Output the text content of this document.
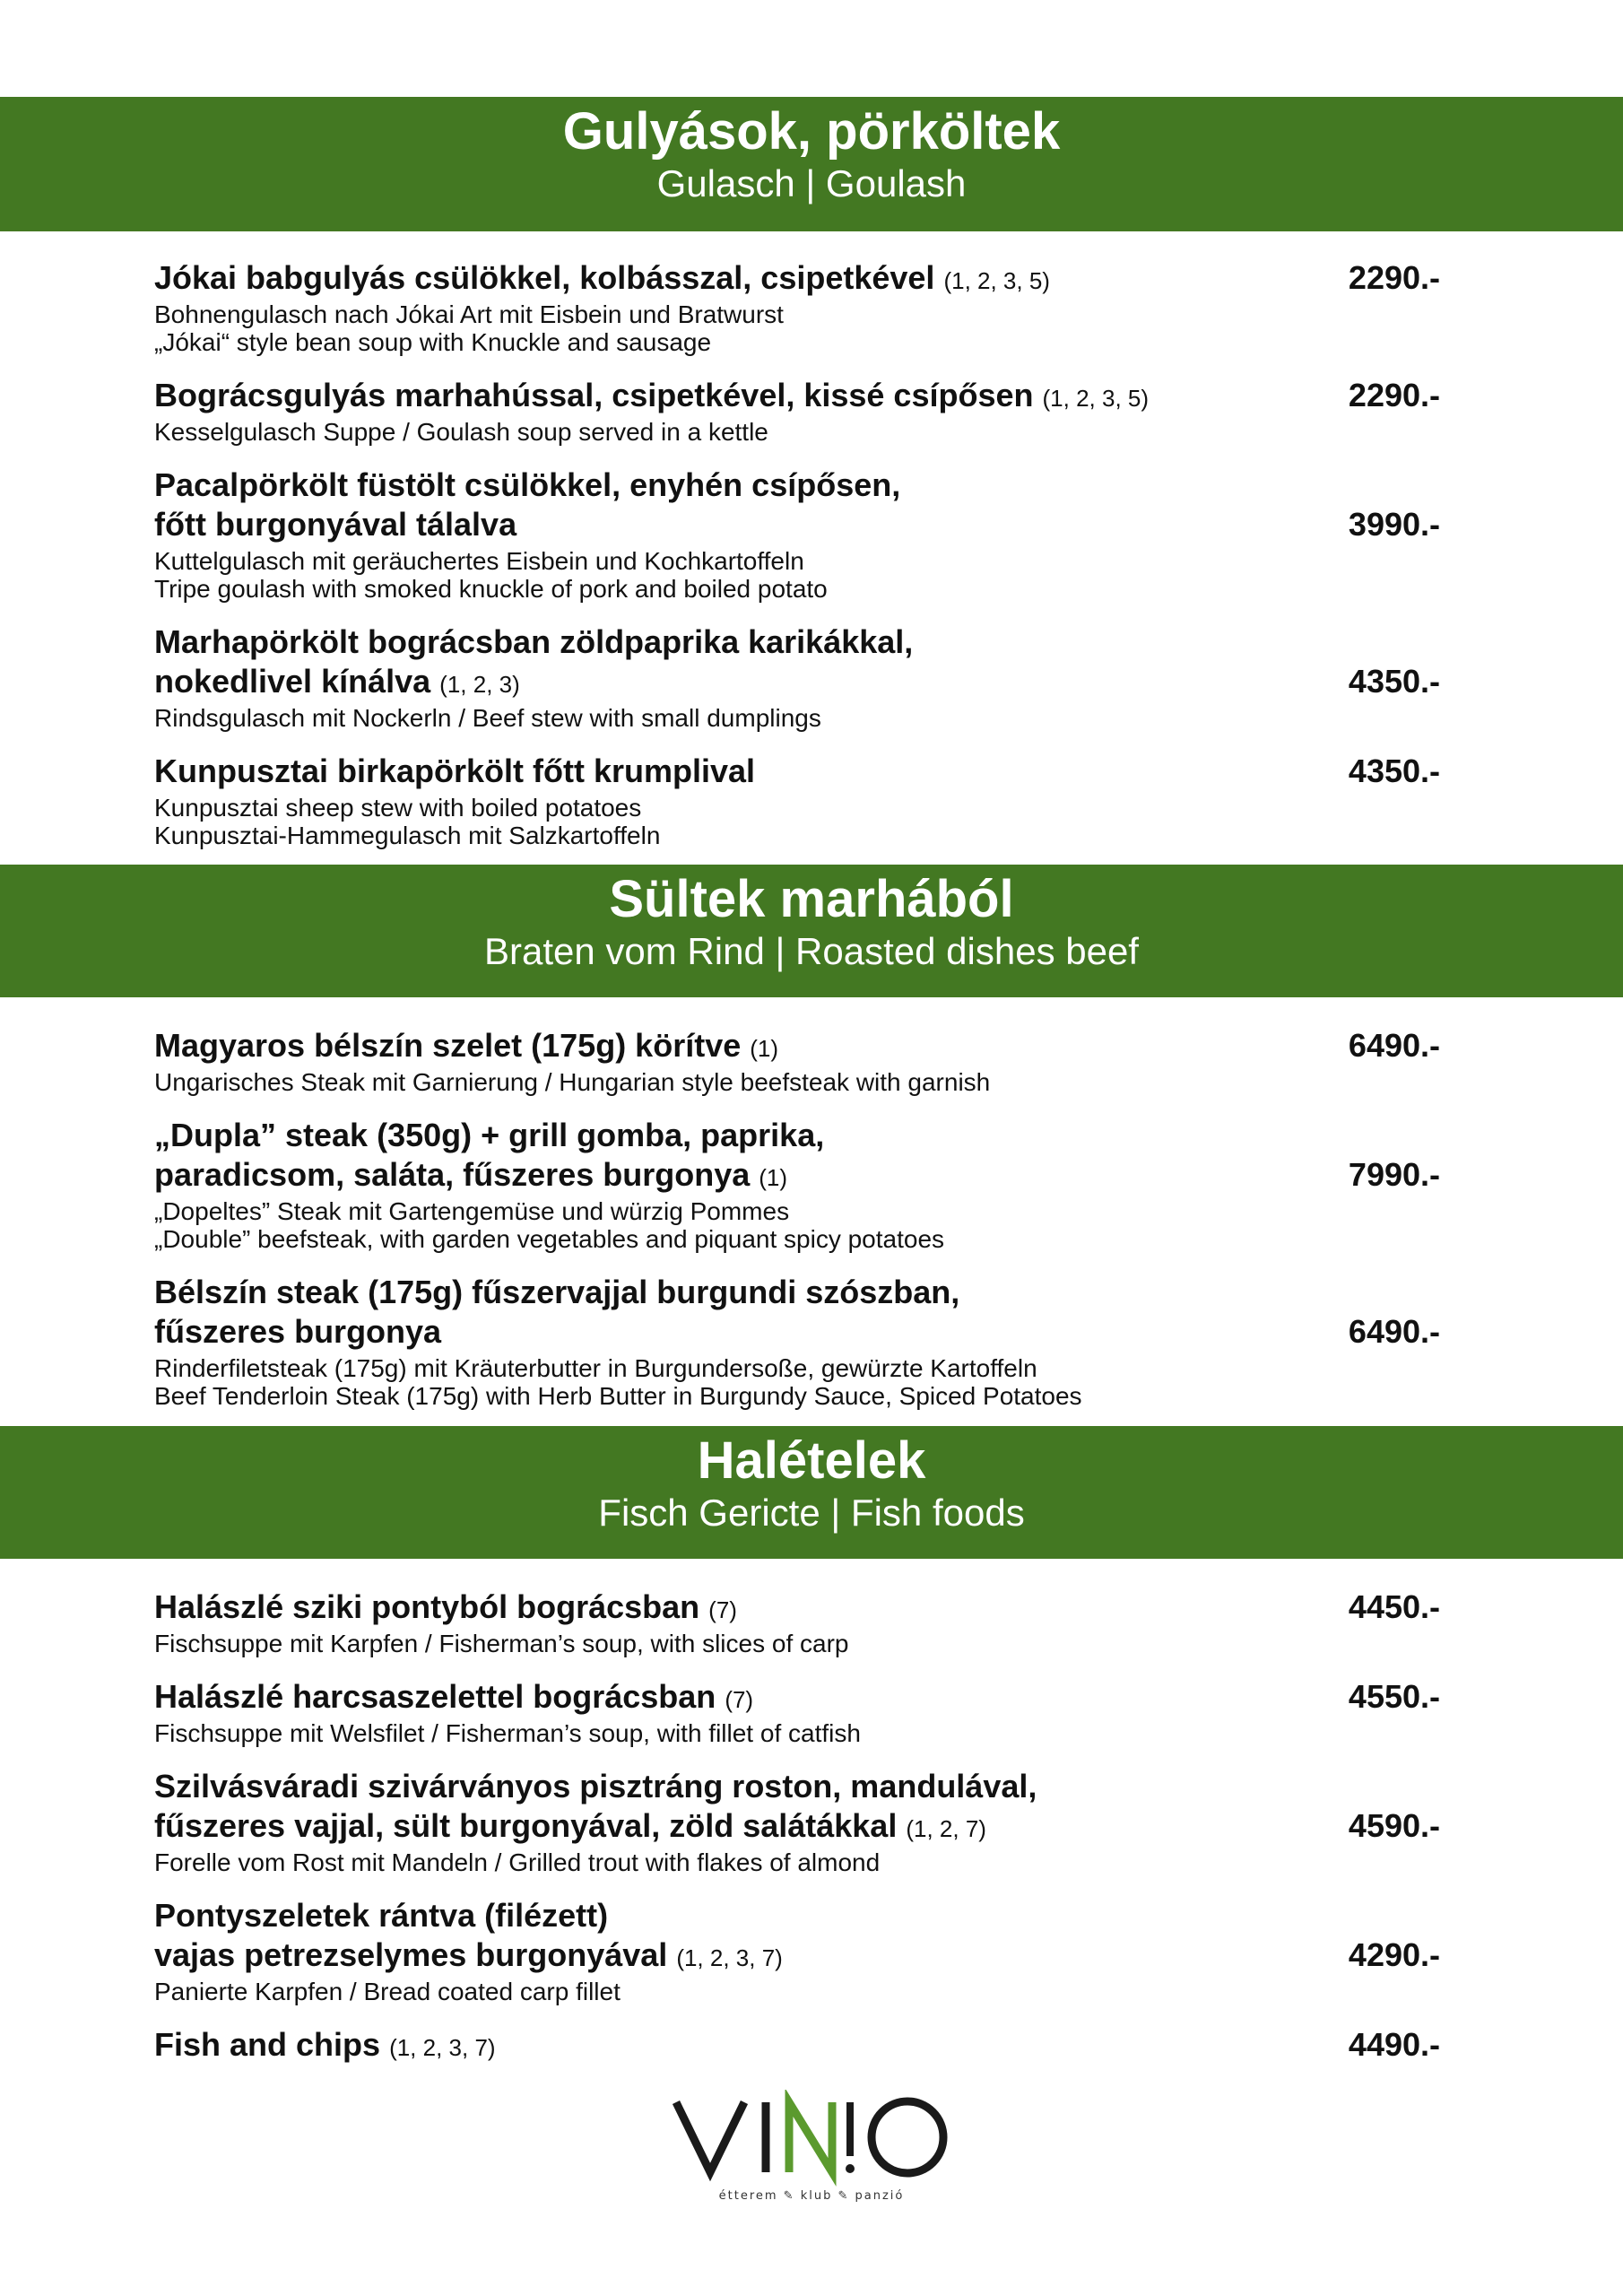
Gulyások, pörköltek
Gulasch | Goulash
Jókai babgulyás csülökkel, kolbásszal, csipetkével (1, 2, 3, 5)
Bohnengulasch nach Jókai Art mit Eisbein und Bratwurst
„Jókai“ style bean soup with Knuckle and sausage
2290.-
Bográcsgulyás marhahússal, csipetkével, kissé csípősen (1, 2, 3, 5)
Kesselgulasch Suppe / Goulash soup served in a kettle
2290.-
Pacalpörkölt füstölt csülökkel, enyhén csípősen,
főtt burgonyával tálalva
Kuttelgulasch mit geräuchertes Eisbein und Kochkartoffeln
Tripe goulash with smoked knuckle of pork and boiled potato
3990.-
Marhapörkölt bográcsban zöldpaprika karikákkal,
nokedlivel kínálva (1, 2, 3)
Rindsgulasch mit Nockerln / Beef stew with small dumplings
4350.-
Kunpusztai birkapörkölt főtt krumplival
Kunpusztai sheep stew with boiled potatoes
Kunpusztai-Hammegulasch mit Salzkartoffeln
4350.-
Sültek marhából
Braten vom Rind | Roasted dishes beef
Magyaros bélszín szelet (175g) körítve (1)
Ungarisches Steak mit Garnierung / Hungarian style beefsteak with garnish
6490.-
„Dupla” steak (350g) + grill gomba, paprika,
paradicsom, saláta, fűszeres burgonya (1)
„Dopeltes” Steak mit Gartengemüse und würzig Pommes
„Double” beefsteak, with garden vegetables and piquant spicy potatoes
7990.-
Bélszín steak (175g) fűszervajjal burgundi szószban,
fűszeres burgonya
Rinderfiletsteak (175g) mit Kräuterbutter in Burgundersoße, gewürzte Kartoffeln
Beef Tenderloin Steak (175g) with Herb Butter in Burgundy Sauce, Spiced Potatoes
6490.-
Halételek
Fisch Gericte | Fish foods
Halászlé sziki pontyból bográcsban (7)
Fischsuppe mit Karpfen / Fisherman’s soup, with slices of carp
4450.-
Halászlé harcsaszelettel bográcsban (7)
Fischsuppe mit Welsfilet / Fisherman’s soup, with fillet of catfish
4550.-
Szilvásváradi szivárványos pisztráng roston, mandulával,
fűszeres vajjal, sült burgonyával, zöld salátákkal (1, 2, 7)
Forelle vom Rost mit Mandeln / Grilled trout with flakes of almond
4590.-
Pontyszeletek rántva (filézett)
vajas petrezselymes burgonyával (1, 2, 3, 7)
Panierte Karpfen / Bread coated carp fillet
4290.-
Fish and chips (1, 2, 3, 7)	4490.-
étterem ✎ klub ✎ panzió
